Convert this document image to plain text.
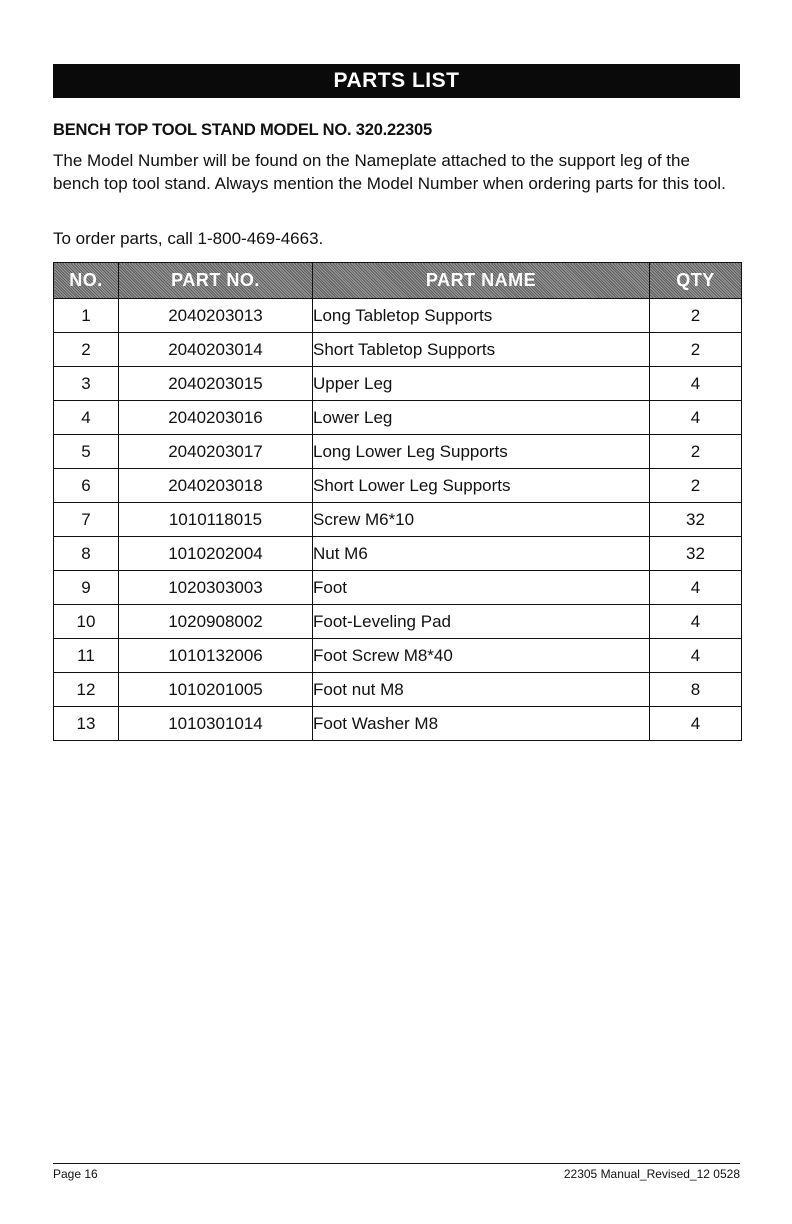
PARTS LIST
BENCH TOP TOOL STAND MODEL NO. 320.22305

The Model Number will be found on the Nameplate attached to the support leg of the bench top tool stand. Always mention the Model Number when ordering parts for this tool.

To order parts, call 1-800-469-4663.

NO.	PART NO.	PART NAME	QTY
1	2040203013	Long Tabletop Supports	2
2	2040203014	Short Tabletop Supports	2
3	2040203015	Upper Leg	4
4	2040203016	Lower Leg	4
5	2040203017	Long Lower Leg Supports	2
6	2040203018	Short Lower Leg Supports	2
7	1010118015	Screw M6*10	32
8	1010202004	Nut M6	32
9	1020303003	Foot	4
10	1020908002	Foot-Leveling Pad	4
11	1010132006	Foot Screw M8*40	4
12	1010201005	Foot nut M8	8
13	1010301014	Foot Washer M8	4
Page 16	22305 Manual_Revised_12 0528
